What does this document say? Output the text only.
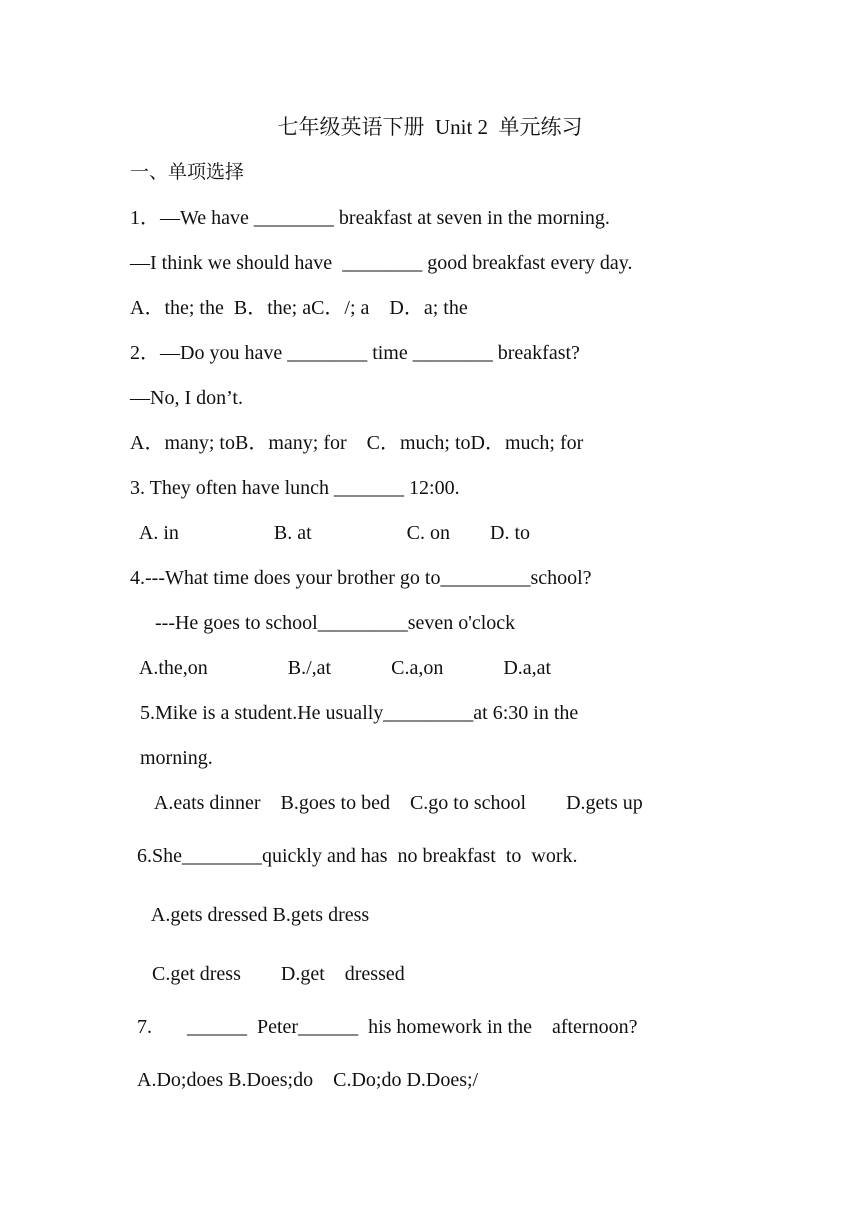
七年级英语下册  Unit 2  单元练习
一、单项选择
1．—We have ________ breakfast at seven in the morning.
—I think we should have  ________ good breakfast every day.
A．the; the  B．the; aC．/; a    D．a; the
2．—Do you have ________ time ________ breakfast?
—No, I don’t.
A．many; toB．many; for    C．much; toD．much; for
3. They often have lunch _______ 12:00.
A. in                   B. at                   C. on        D. to
4.---What time does your brother go to_________school?
---He goes to school_________seven o'clock
A.the,on                B./,at            C.a,on            D.a,at
5.Mike is a student.He usually_________at 6:30 in the
morning.
A.eats dinner    B.goes to bed    C.go to school        D.gets up
6.She________quickly and has  no breakfast  to  work.
A.gets dressed B.gets dress
C.get dress        D.get    dressed
7.       ______  Peter______  his homework in the    afternoon?
A.Do;does B.Does;do    C.Do;do D.Does;/
